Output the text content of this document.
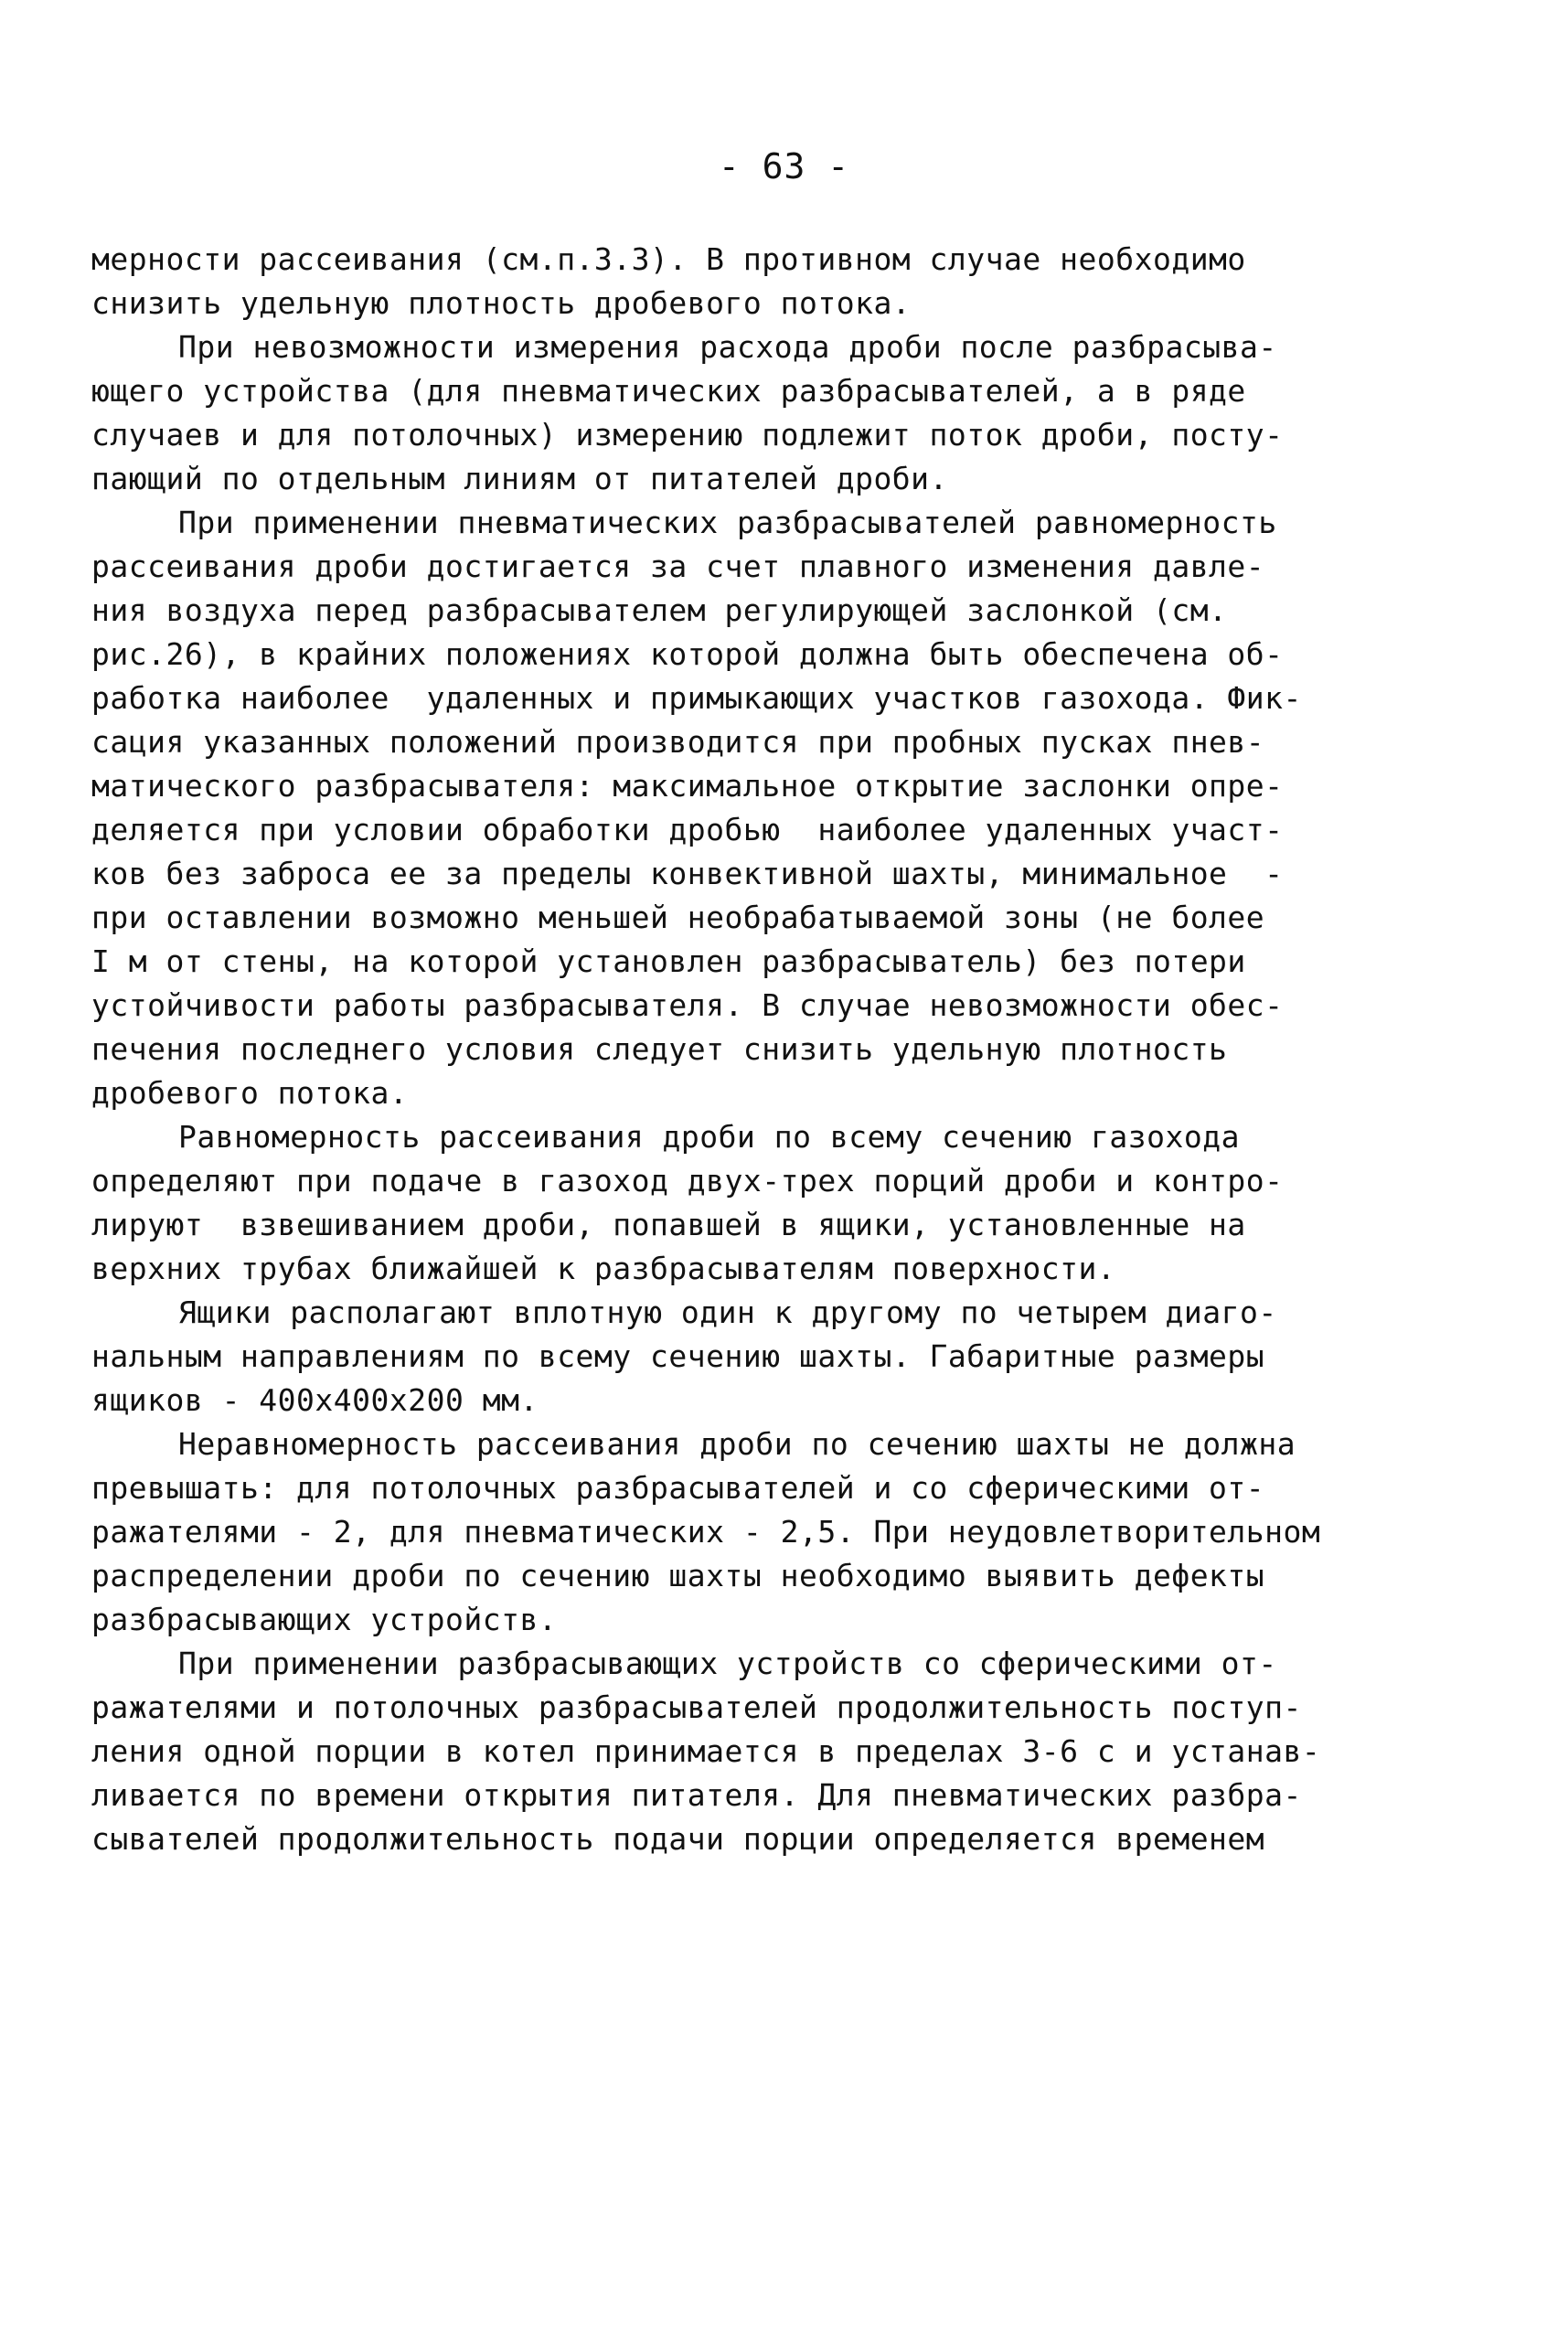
- 63 -
мерности рассеивания (см.п.3.3). В противном случае необходимо
снизить удельную плотность дробевого потока.
При невозможности измерения расхода дроби после разбрасыва-
ющего устройства (для пневматических разбрасывателей, а в ряде
случаев и для потолочных) измерению подлежит поток дроби, посту-
пающий по отдельным линиям от питателей дроби.
При применении пневматических разбрасывателей равномерность
рассеивания дроби достигается за счет плавного изменения давле-
ния воздуха перед разбрасывателем регулирующей заслонкой (см.
рис.26), в крайних положениях которой должна быть обеспечена об-
работка наиболее  удаленных и примыкающих участков газохода. Фик-
сация указанных положений производится при пробных пусках пнев-
матического разбрасывателя: максимальное открытие заслонки опре-
деляется при условии обработки дробью  наиболее удаленных участ-
ков без заброса ее за пределы конвективной шахты, минимальное  -
при оставлении возможно меньшей необрабатываемой зоны (не более
I м от стены, на которой установлен разбрасыватель) без потери
устойчивости работы разбрасывателя. В случае невозможности обес-
печения последнего условия следует снизить удельную плотность
дробевого потока.
Равномерность рассеивания дроби по всему сечению газохода
определяют при подаче в газоход двух-трех порций дроби и контро-
лируют  взвешиванием дроби, попавшей в ящики, установленные на
верхних трубах ближайшей к разбрасывателям поверхности.
Ящики располагают вплотную один к другому по четырем диаго-
нальным направлениям по всему сечению шахты. Габаритные размеры
ящиков - 400x400x200 мм.
Неравномерность рассеивания дроби по сечению шахты не должна
превышать: для потолочных разбрасывателей и со сферическими от-
ражателями - 2, для пневматических - 2,5. При неудовлетворительном
распределении дроби по сечению шахты необходимо выявить дефекты
разбрасывающих устройств.
При применении разбрасывающих устройств со сферическими от-
ражателями и потолочных разбрасывателей продолжительность поступ-
ления одной порции в котел принимается в пределах 3-6 с и устанав-
ливается по времени открытия питателя. Для пневматических разбра-
сывателей продолжительность подачи порции определяется временем
